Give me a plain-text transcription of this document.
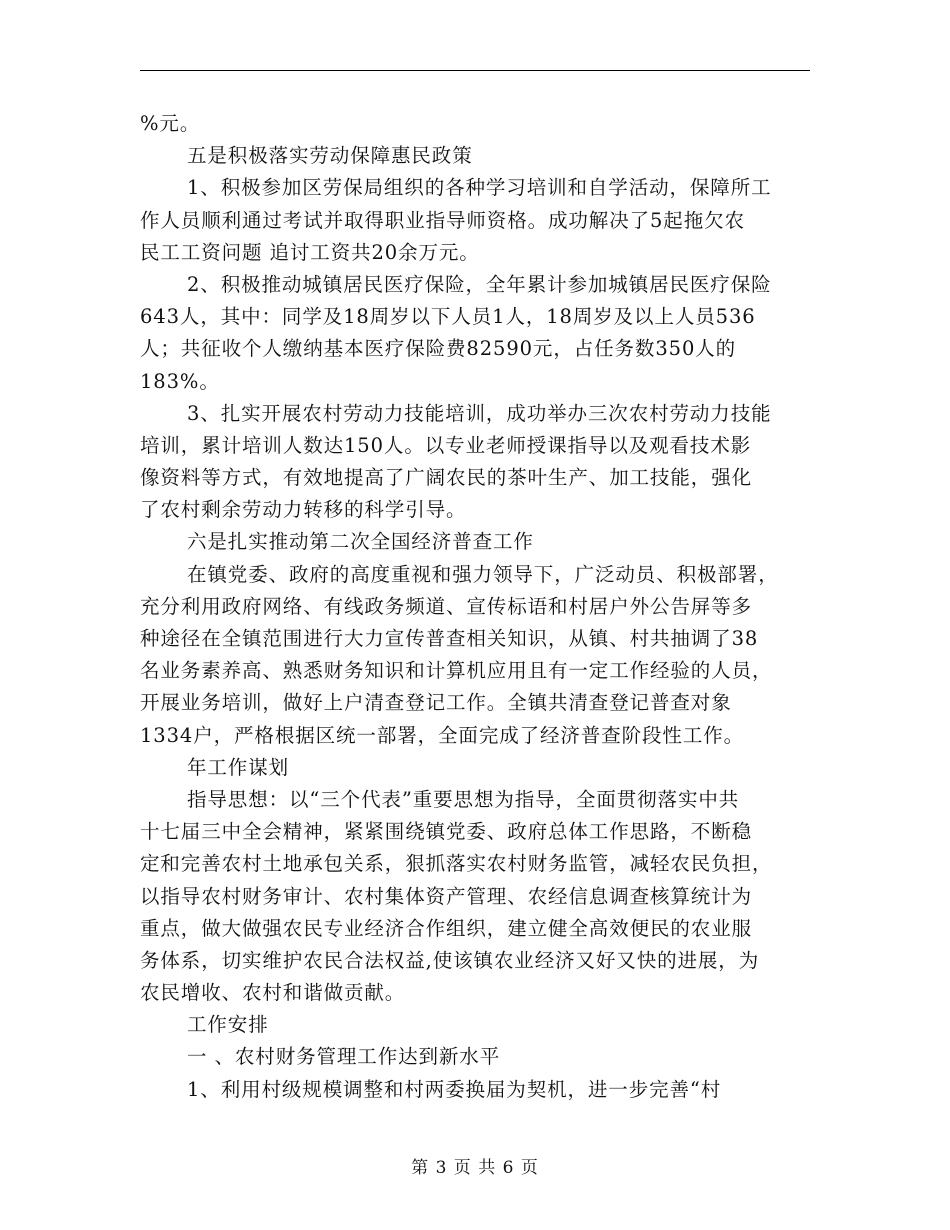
%元。
五是积极落实劳动保障惠民政策
1、积极参加区劳保局组织的各种学习培训和自学活动，保障所工
作人员顺利通过考试并取得职业指导师资格。成功解决了5起拖欠农
民工工资问题 追讨工资共20余万元。
2、积极推动城镇居民医疗保险，全年累计参加城镇居民医疗保险
643人，其中：同学及18周岁以下人员1人，18周岁及以上人员536
人；共征收个人缴纳基本医疗保险费82590元，占任务数350人的
183%。
3、扎实开展农村劳动力技能培训，成功举办三次农村劳动力技能
培训，累计培训人数达150人。以专业老师授课指导以及观看技术影
像资料等方式，有效地提高了广阔农民的茶叶生产、加工技能，强化
了农村剩余劳动力转移的科学引导。
六是扎实推动第二次全国经济普查工作
在镇党委、政府的高度重视和强力领导下，广泛动员、积极部署，
充分利用政府网络、有线政务频道、宣传标语和村居户外公告屏等多
种途径在全镇范围进行大力宣传普查相关知识，从镇、村共抽调了38
名业务素养高、熟悉财务知识和计算机应用且有一定工作经验的人员，
开展业务培训，做好上户清查登记工作。全镇共清查登记普查对象
1334户，严格根据区统一部署，全面完成了经济普查阶段性工作。
年工作谋划
指导思想：以“三个代表”重要思想为指导，全面贯彻落实中共
十七届三中全会精神，紧紧围绕镇党委、政府总体工作思路，不断稳
定和完善农村土地承包关系，狠抓落实农村财务监管，减轻农民负担，
以指导农村财务审计、农村集体资产管理、农经信息调查核算统计为
重点，做大做强农民专业经济合作组织，建立健全高效便民的农业服
务体系，切实维护农民合法权益,使该镇农业经济又好又快的进展，为
农民增收、农村和谐做贡献。
工作安排
一 、农村财务管理工作达到新水平
1、利用村级规模调整和村两委换届为契机，进一步完善“村
第 3 页 共 6 页
